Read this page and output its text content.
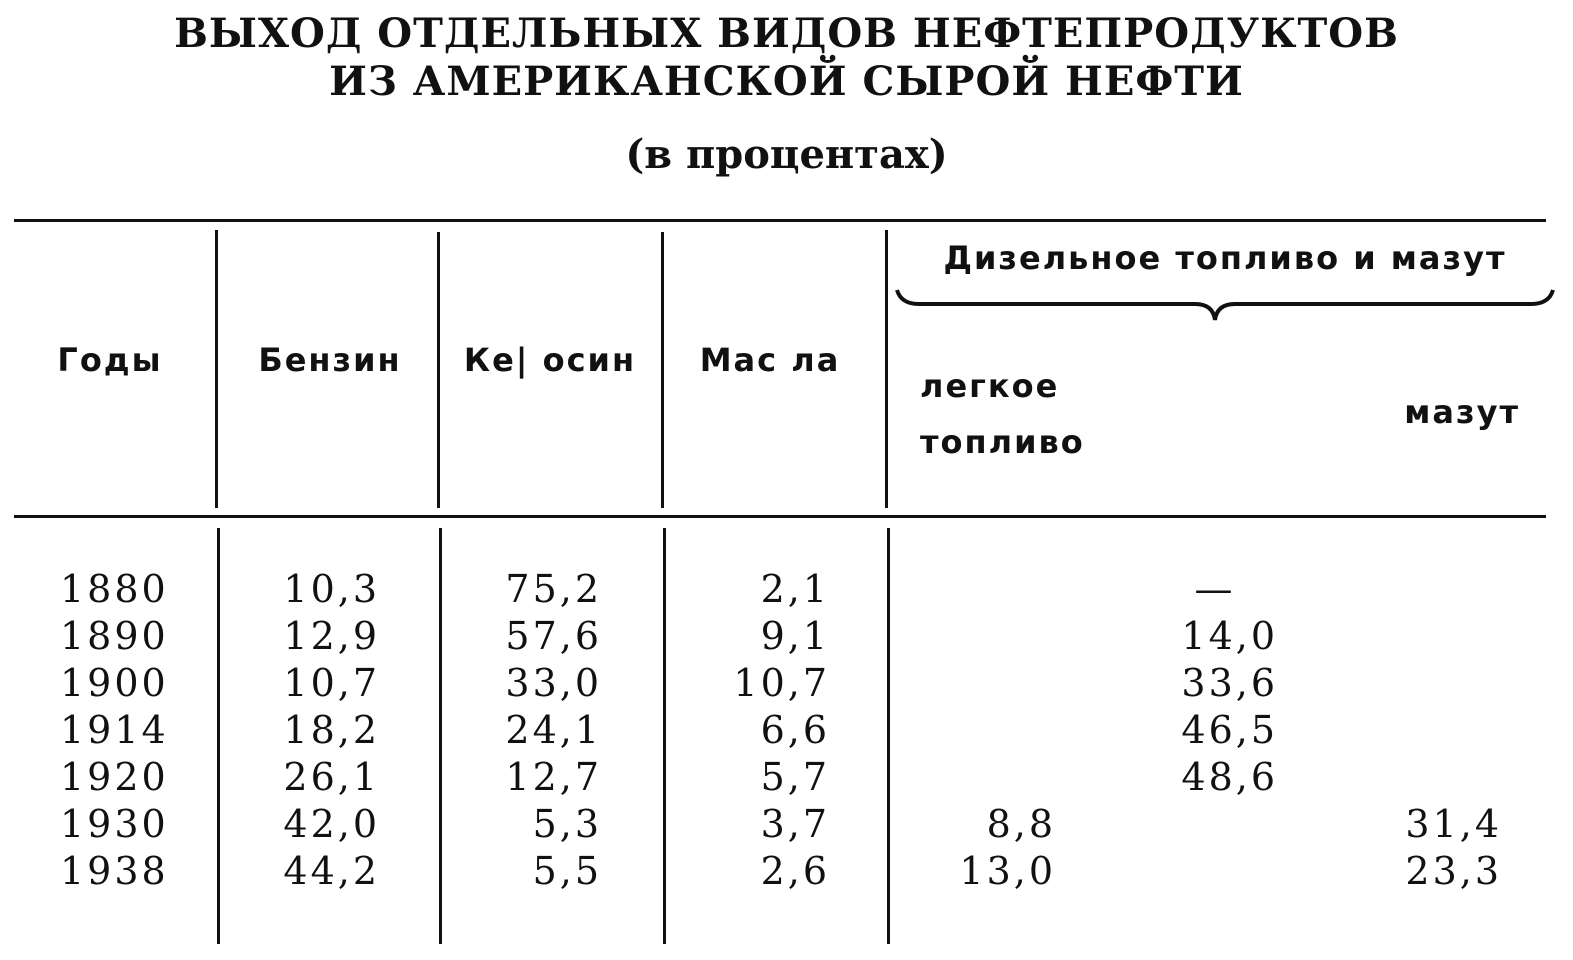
ВЫХОД ОТДЕЛЬНЫХ ВИДОВ НЕФТЕПРОДУКТОВ
ИЗ АМЕРИКАНСКОЙ СЫРОЙ НЕФТИ
(в процентах)
Годы	Бензин	Ке| осин	Мас ла
Дизельное топливо и мазут
легкое топливо
мазут
1880	10,3	75,2	2,1	—
1890	12,9	57,6	9,1	14,0
1900	10,7	33,0	10,7	33,6
1914	18,2	24,1	6,6	46,5
1920	26,1	12,7	5,7	48,6
1930	42,0	5,3	3,7	8,8	31,4
1938	44,2	5,5	2,6	13,0	23,3
